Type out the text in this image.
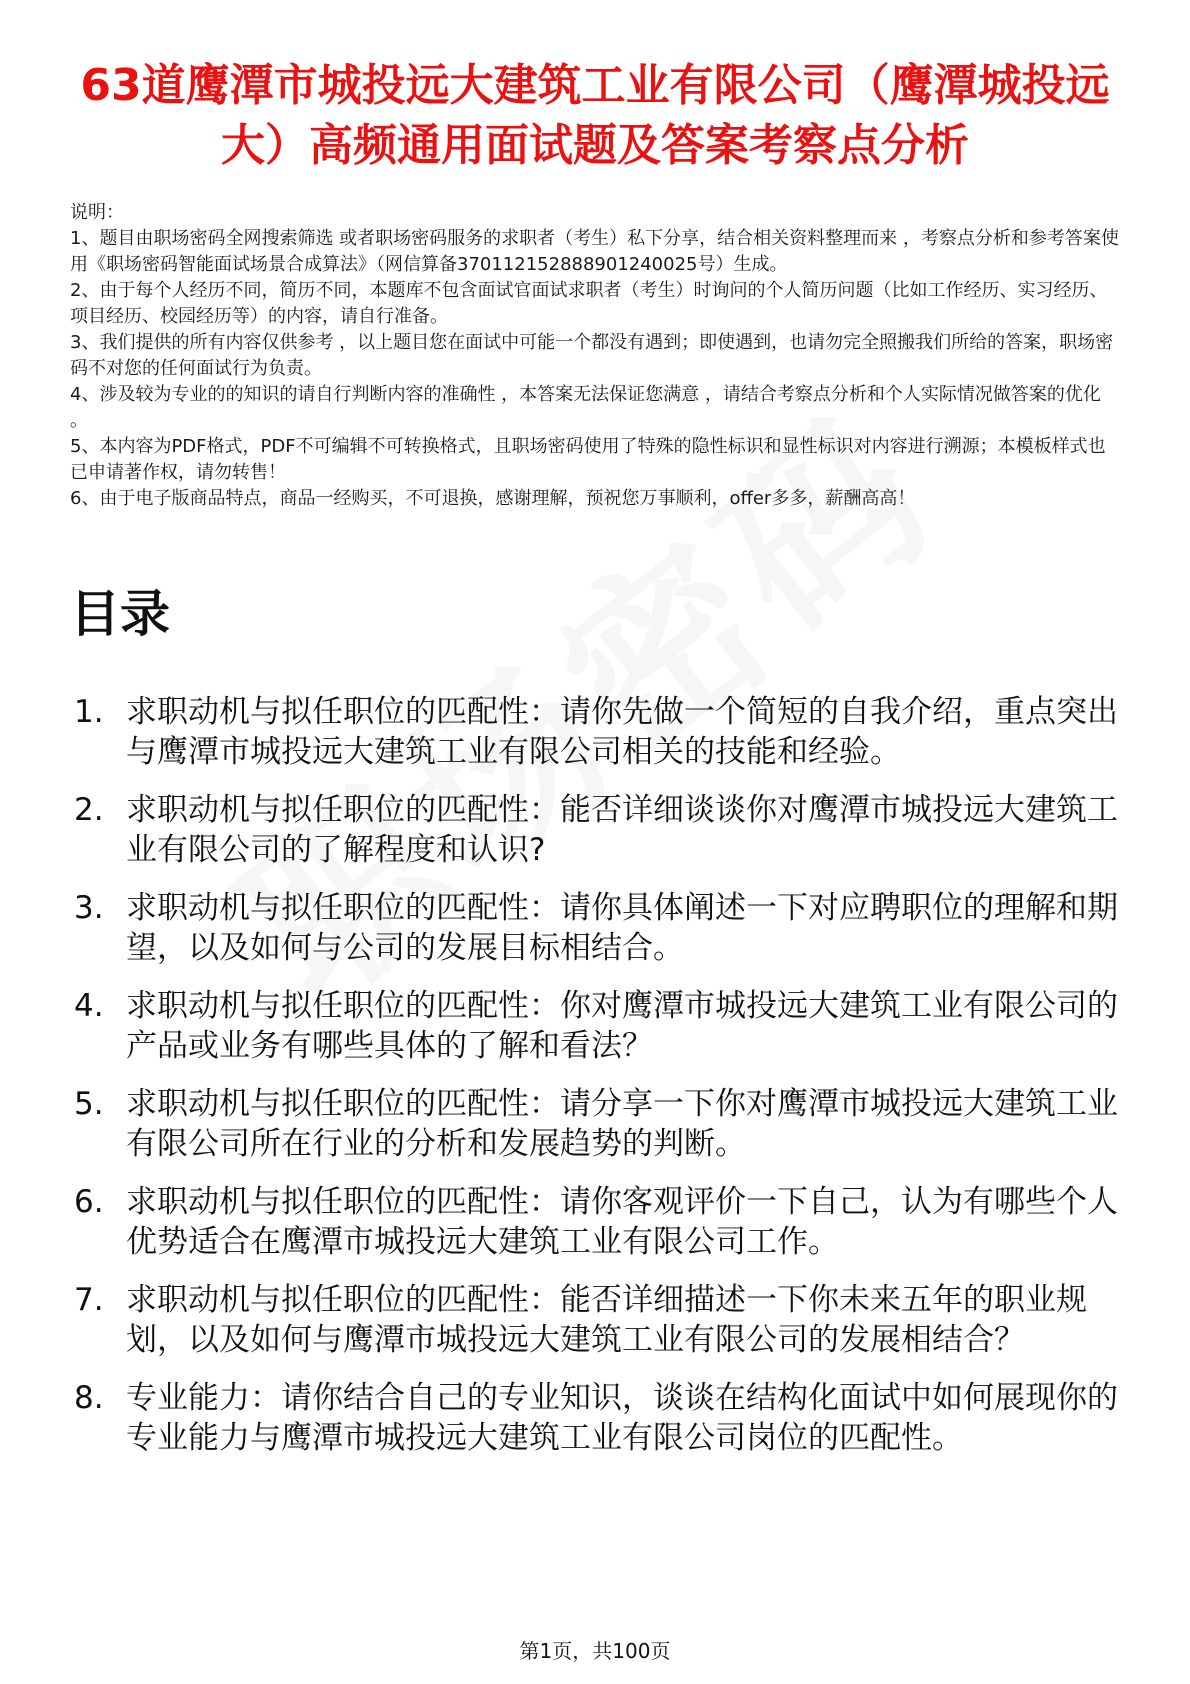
63道鹰潭市城投远大建筑工业有限公司（鹰潭城投远大）高频通用面试题及答案考察点分析

说明：

1、题目由职场密码全网搜索筛选 或者职场密码服务的求职者（考生）私下分享，结合相关资料整理而来 ，考察点分析和参考答案使用《职场密码智能面试场景合成算法》（网信算备370112152888901240025号）生成。

2、由于每个人经历不同，简历不同，本题库不包含面试官面试求职者（考生）时询问的个人简历问题（比如工作经历、实习经历、项目经历、校园经历等）的内容，请自行准备。

3、我们提供的所有内容仅供参考 ，以上题目您在面试中可能一个都没有遇到；即使遇到，也请勿完全照搬我们所给的答案，职场密码不对您的任何面试行为负责。

4、涉及较为专业的的知识的请自行判断内容的准确性 ，本答案无法保证您满意 ，请结合考察点分析和个人实际情况做答案的优化 。

5、本内容为PDF格式，PDF不可编辑不可转换格式，且职场密码使用了特殊的隐性标识和显性标识对内容进行溯源；本模板样式也已申请著作权，请勿转售！

6、由于电子版商品特点，商品一经购买，不可退换，感谢理解，预祝您万事顺利，offer多多，薪酬高高！

目录
1. 求职动机与拟任职位的匹配性：请你先做一个简短的自我介绍，重点突出与鹰潭市城投远大建筑工业有限公司相关的技能和经验。
2. 求职动机与拟任职位的匹配性：能否详细谈谈你对鹰潭市城投远大建筑工业有限公司的了解程度和认识?
3. 求职动机与拟任职位的匹配性：请你具体阐述一下对应聘职位的理解和期望，以及如何与公司的发展目标相结合。
4. 求职动机与拟任职位的匹配性：你对鹰潭市城投远大建筑工业有限公司的产品或业务有哪些具体的了解和看法？
5. 求职动机与拟任职位的匹配性：请分享一下你对鹰潭市城投远大建筑工业有限公司所在行业的分析和发展趋势的判断。
6. 求职动机与拟任职位的匹配性：请你客观评价一下自己，认为有哪些个人优势适合在鹰潭市城投远大建筑工业有限公司工作。
7. 求职动机与拟任职位的匹配性：能否详细描述一下你未来五年的职业规划，以及如何与鹰潭市城投远大建筑工业有限公司的发展相结合？
8. 专业能力：请你结合自己的专业知识，谈谈在结构化面试中如何展现你的专业能力与鹰潭市城投远大建筑工业有限公司岗位的匹配性。
第1页，共100页
